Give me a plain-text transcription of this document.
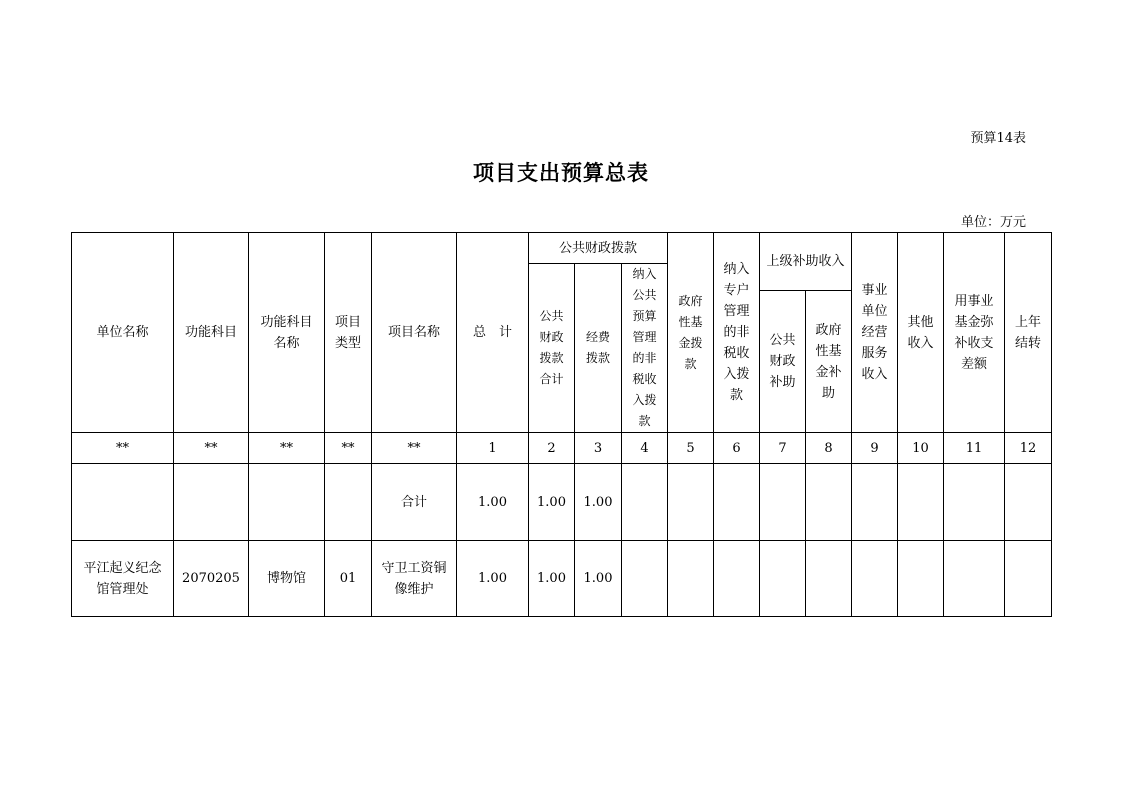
预算14表
项目支出预算总表
单位：万元
单位名称	功能科目	功能科目名称	项目类型	项目名称	总　计	公共财政拨款			政府性基金拨款	纳入专户管理的非税收入拨款	上级补助收入		事业单位经营服务收入	其他收入	用事业基金弥补收支差额	上年结转
						公共财政拨款合计	经费拨款	纳入公共预算管理的非税收入拨款								
											公共财政补助	政府性基金补助				
**	**	**	**	**	1	2	3	4	5	6	7	8	9	10	11	12
				合计	1.00	1.00	1.00									
平江起义纪念馆管理处	2070205	博物馆	01	守卫工资铜像维护	1.00	1.00	1.00									
